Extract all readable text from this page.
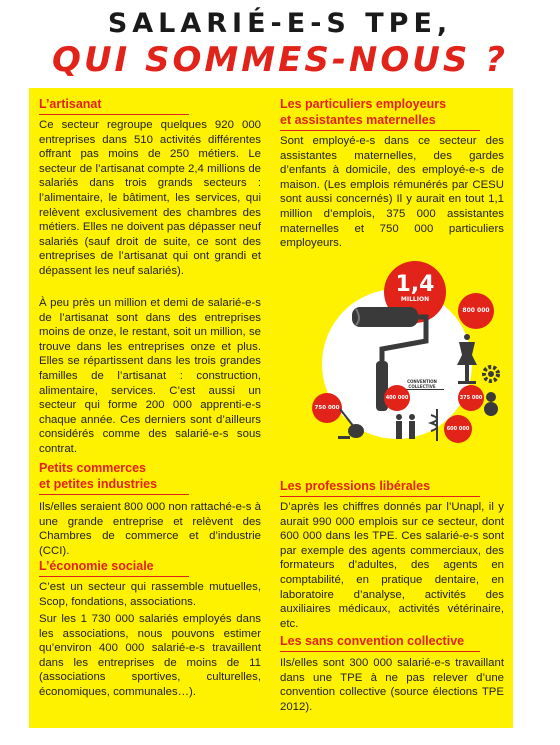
SALARIÉ-E-S TPE,
QUI SOMMES-NOUS ?
L’artisanat

Ce secteur regroupe quelques 920 000 entreprises dans 510 activités différentes offrant pas moins de 250 métiers. Le secteur de l’artisanat compte 2,4 millions de salariés dans trois grands secteurs : l’alimentaire, le bâtiment, les services, qui relèvent exclusivement des chambres des métiers. Elles ne doivent pas dépasser neuf salariés (sauf droit de suite, ce sont des entreprises de l’artisanat qui ont grandi et dépassent les neuf salariés).

À peu près un million et demi de salarié-e-s de l’artisanat sont dans des entreprises moins de onze, le restant, soit un million, se trouve dans les entreprises onze et plus. Elles se répartissent dans les trois grandes familles de l’artisanat : construction, alimentaire, services. C’est aussi un secteur qui forme 200 000 apprenti-e-s chaque année. Ces derniers sont d’ailleurs considérés comme des salarié-e-s sous contrat.

Petits commerces
et petites industries

Ils/elles seraient 800 000 non rattaché-e-s à une grande entreprise et relèvent des Chambres de commerce et d’industrie (CCI).

L’économie sociale

C’est un secteur qui rassemble mutuelles, Scop, fondations, associations.

Sur les 1 730 000 salariés employés dans les associations, nous pouvons estimer qu’environ 400 000 salarié-e-s travaillent dans les entreprises de moins de 11 (associations sportives, culturelles, économiques, communales…).

Les particuliers employeurs
et assistantes maternelles

Sont employé-e-s dans ce secteur des assistantes maternelles, des gardes d’enfants à domicile, des employé-e-s de maison. (Les emplois rémunérés par CESU sont aussi concernés) Il y aurait en tout 1,1 million d’emplois, 375 000 assistantes maternelles et 750 000 particuliers employeurs.

Les professions libérales

D’après les chiffres donnés par l’Unapl, il y aurait 990 000 emplois sur ce secteur, dont 600 000 dans les TPE. Ces salarié-e-s sont par exemple des agents commerciaux, des formateurs d’adultes, des agents en comptabilité, en pratique dentaire, en laboratoire d’analyse, activités des auxiliaires médicaux, activités vétérinaire, etc.

Les sans convention collective

Ils/elles sont 300 000 salarié-e-s travaillant dans une TPE à ne pas relever d’une convention collective (source élections TPE 2012).

1,4
MILLION
800 000
CONVENTION COLLECTIVE
750 000
400 000	375 000
600 000
